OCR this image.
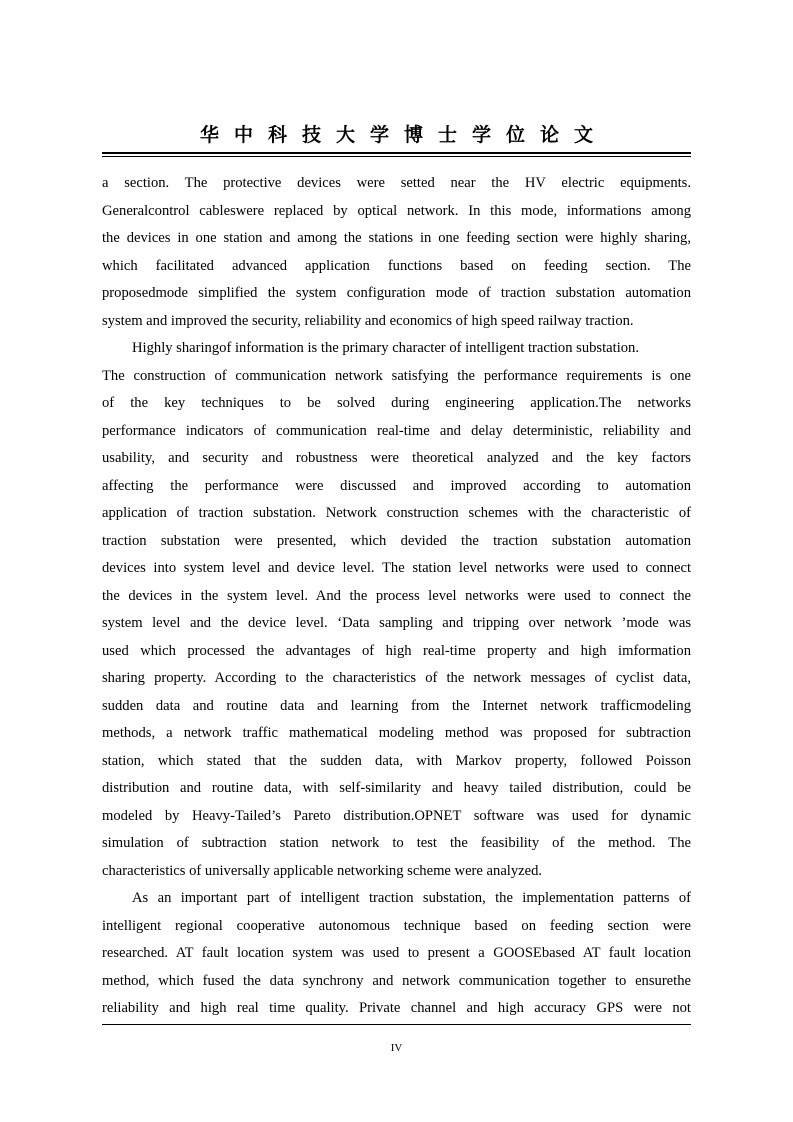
华中科技大学博士学位论文
a section. The protective devices were setted near the HV electric equipments.
Generalcontrol cableswere replaced by optical network. In this mode, informations among
the devices in one station and among the stations in one feeding section were highly sharing,
which facilitated advanced application functions based on feeding section. The
proposedmode simplified the system configuration mode of traction substation automation
system and improved the security, reliability and economics of high speed railway traction.
Highly sharingof information is the primary character of intelligent traction substation.
The construction of communication network satisfying the performance requirements is one
of the key techniques to be solved during engineering application.The networks
performance indicators of communication real-time and delay deterministic, reliability and
usability, and security and robustness were theoretical analyzed and the key factors
affecting the performance were discussed and improved according to automation
application of traction substation. Network construction schemes with the characteristic of
traction substation were presented, which devided the traction substation automation
devices into system level and device level. The station level networks were used to connect
the devices in the system level. And the process level networks were used to connect the
system level and the device level. ‘Data sampling and tripping over network ’mode was
used which processed the advantages of high real-time property and high imformation
sharing property. According to the characteristics of the network messages of cyclist data,
sudden data and routine data and learning from the Internet network trafficmodeling
methods, a network traffic mathematical modeling method was proposed for subtraction
station, which stated that the sudden data, with Markov property, followed Poisson
distribution and routine data, with self-similarity and heavy tailed distribution, could be
modeled by Heavy-Tailed’s Pareto distribution.OPNET software was used for dynamic
simulation of subtraction station network to test the feasibility of the method. The
characteristics of universally applicable networking scheme were analyzed.
As an important part of intelligent traction substation, the implementation patterns of
intelligent regional cooperative autonomous technique based on feeding section were
researched. AT fault location system was used to present a GOOSEbased AT fault location
method, which fused the data synchrony and network communication together to ensurethe
reliability and high real time quality. Private channel and high accuracy GPS were not
IV
